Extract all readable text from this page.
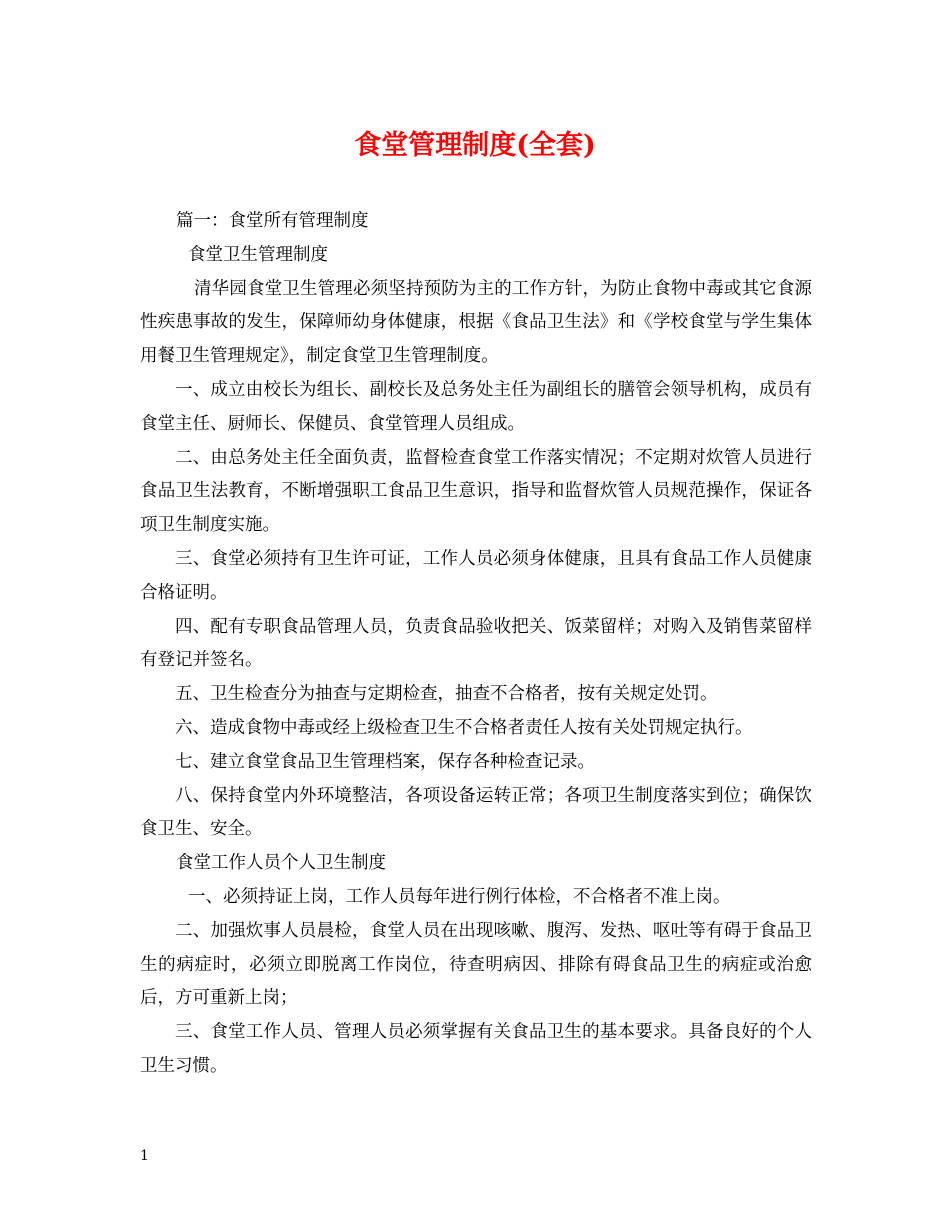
食堂管理制度(全套)

篇一：食堂所有管理制度

食堂卫生管理制度

清华园食堂卫生管理必须坚持预防为主的工作方针，为防止食物中毒或其它食源性疾患事故的发生，保障师幼身体健康，根据《食品卫生法》和《学校食堂与学生集体用餐卫生管理规定》，制定食堂卫生管理制度。

一、成立由校长为组长、副校长及总务处主任为副组长的膳管会领导机构，成员有食堂主任、厨师长、保健员、食堂管理人员组成。

二、由总务处主任全面负责，监督检查食堂工作落实情况；不定期对炊管人员进行食品卫生法教育，不断增强职工食品卫生意识，指导和监督炊管人员规范操作，保证各项卫生制度实施。

三、食堂必须持有卫生许可证，工作人员必须身体健康，且具有食品工作人员健康合格证明。

四、配有专职食品管理人员，负责食品验收把关、饭菜留样；对购入及销售菜留样有登记并签名。

五、卫生检查分为抽查与定期检查，抽查不合格者，按有关规定处罚。

六、造成食物中毒或经上级检查卫生不合格者责任人按有关处罚规定执行。

七、建立食堂食品卫生管理档案，保存各种检查记录。

八、保持食堂内外环境整洁，各项设备运转正常；各项卫生制度落实到位；确保饮食卫生、安全。

食堂工作人员个人卫生制度

一、必须持证上岗，工作人员每年进行例行体检，不合格者不准上岗。

二、加强炊事人员晨检，食堂人员在出现咳嗽、腹泻、发热、呕吐等有碍于食品卫生的病症时，必须立即脱离工作岗位，待查明病因、排除有碍食品卫生的病症或治愈后，方可重新上岗；

三、食堂工作人员、管理人员必须掌握有关食品卫生的基本要求。具备良好的个人卫生习惯。

1
